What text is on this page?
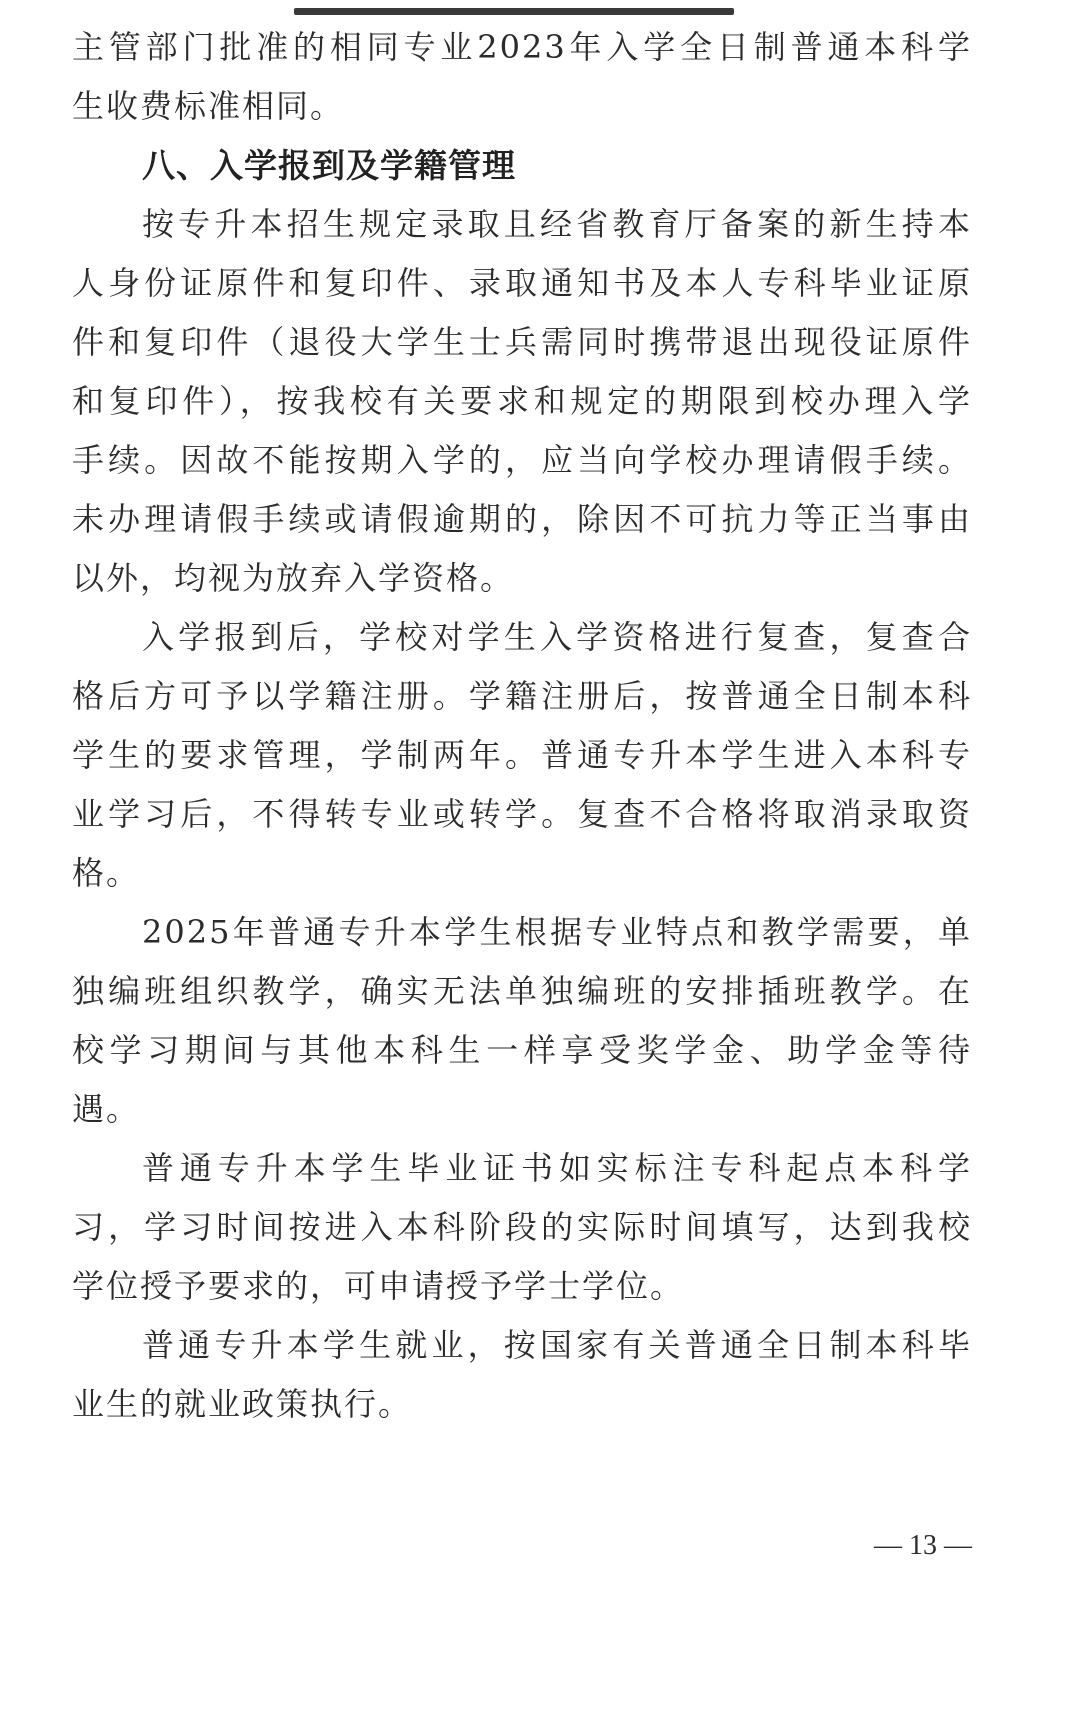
主管部门批准的相同专业2023年入学全日制普通本科学
生收费标准相同。
八、入学报到及学籍管理
按专升本招生规定录取且经省教育厅备案的新生持本
人身份证原件和复印件、录取通知书及本人专科毕业证原
件和复印件（退役大学生士兵需同时携带退出现役证原件
和复印件），按我校有关要求和规定的期限到校办理入学
手续。因故不能按期入学的，应当向学校办理请假手续。
未办理请假手续或请假逾期的，除因不可抗力等正当事由
以外，均视为放弃入学资格。
入学报到后，学校对学生入学资格进行复查，复查合
格后方可予以学籍注册。学籍注册后，按普通全日制本科
学生的要求管理，学制两年。普通专升本学生进入本科专
业学习后，不得转专业或转学。复查不合格将取消录取资
格。
2025年普通专升本学生根据专业特点和教学需要，单
独编班组织教学，确实无法单独编班的安排插班教学。在
校学习期间与其他本科生一样享受奖学金、助学金等待
遇。
普通专升本学生毕业证书如实标注专科起点本科学
习，学习时间按进入本科阶段的实际时间填写，达到我校
学位授予要求的，可申请授予学士学位。
普通专升本学生就业，按国家有关普通全日制本科毕
业生的就业政策执行。
— 13 —
